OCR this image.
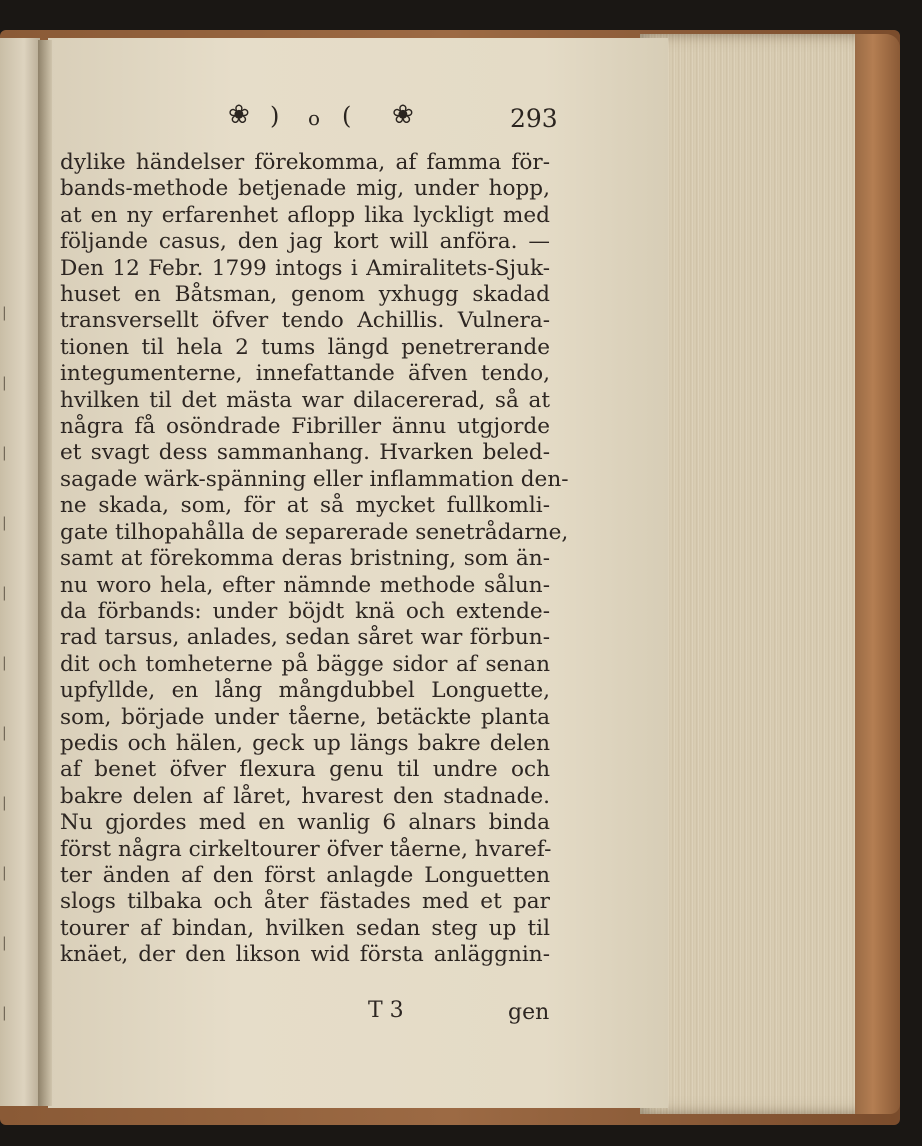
|
|
|
|
|
|
|
|
|
|
|
❀ ) o ( ❀	293
dylike händelser förekomma, af famma för-
bands-methode betjenade mig, under hopp,
at en ny erfarenhet aflopp lika lyckligt med
följande casus, den jag kort will anföra. —
Den 12 Febr. 1799 intogs i Amiralitets-Sjuk-
huset en Båtsman, genom yxhugg skadad
transversellt öfver tendo Achillis. Vulnera-
tionen til hela 2 tums längd penetrerande
integumenterne, innefattande äfven tendo,
hvilken til det mästa war dilacererad, så at
några få osöndrade Fibriller ännu utgjorde
et svagt dess sammanhang. Hvarken beled-
sagade wärk-spänning eller inflammation den-
ne skada, som, för at så mycket fullkomli-
gate tilhopahålla de separerade senetrådarne,
samt at förekomma deras bristning, som än-
nu woro hela, efter nämnde methode sålun-
da förbands: under böjdt knä och extende-
rad tarsus, anlades, sedan såret war förbun-
dit och tomheterne på bägge sidor af senan
upfyllde, en lång mångdubbel Longuette,
som, började under tåerne, betäckte planta
pedis och hälen, geck up längs bakre delen
af benet öfver flexura genu til undre och
bakre delen af låret, hvarest den stadnade.
Nu gjordes med en wanlig 6 alnars binda
först några cirkeltourer öfver tåerne, hvaref-
ter änden af den först anlagde Longuetten
slogs tilbaka och åter fästades med et par
tourer af bindan, hvilken sedan steg up til
knäet, der den likson wid första anläggnin-
T 3	gen
